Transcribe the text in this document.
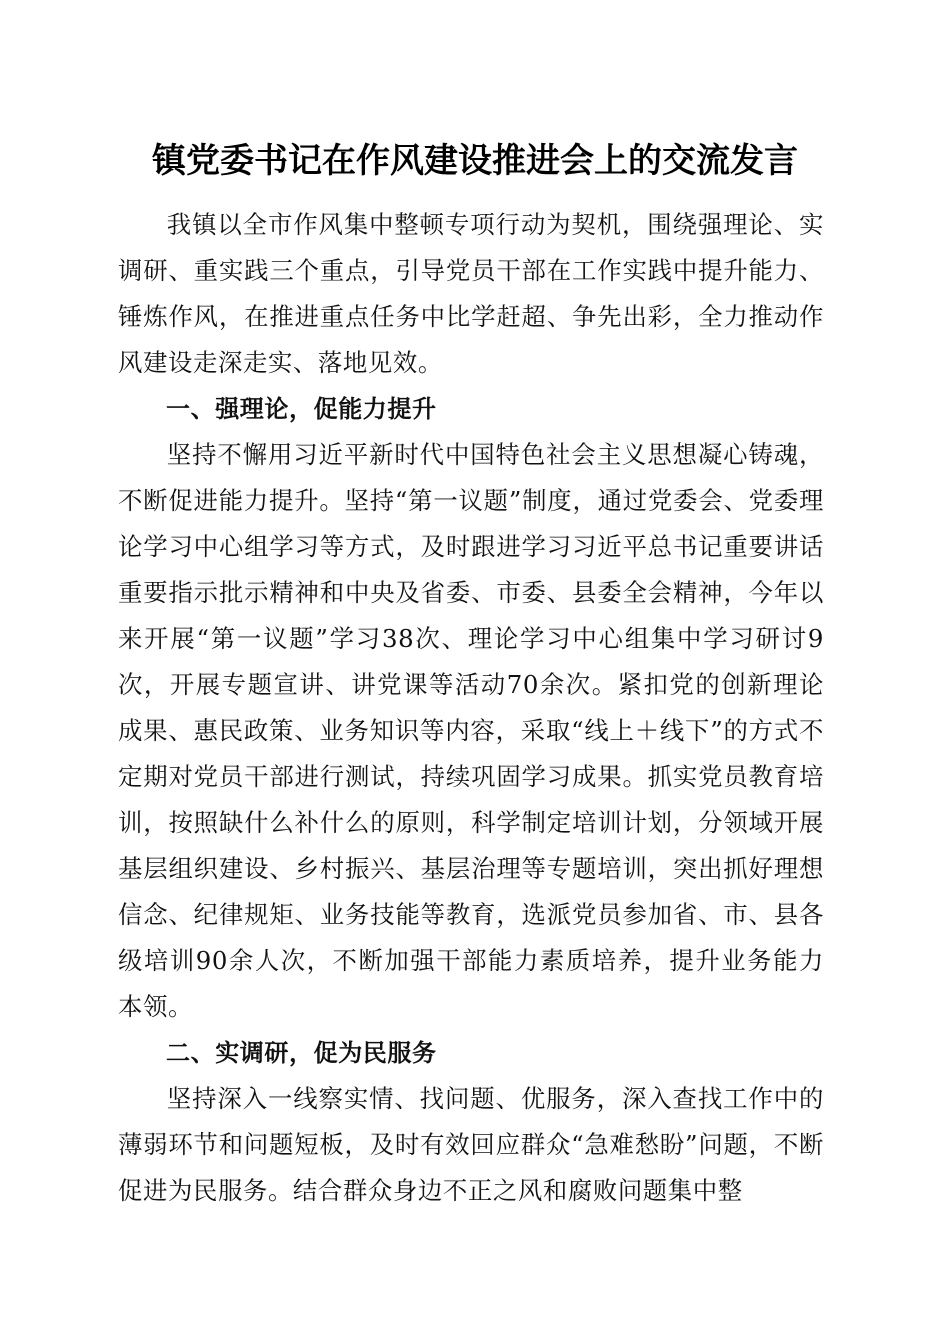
镇党委书记在作风建设推进会上的交流发言

我镇以全市作风集中整顿专项行动为契机，围绕强理论、实调研、重实践三个重点，引导党员干部在工作实践中提升能力、锤炼作风，在推进重点任务中比学赶超、争先出彩，全力推动作风建设走深走实、落地见效。

一、强理论，促能力提升

坚持不懈用习近平新时代中国特色社会主义思想凝心铸魂，不断促进能力提升。坚持“第一议题”制度，通过党委会、党委理论学习中心组学习等方式，及时跟进学习习近平总书记重要讲话重要指示批示精神和中央及省委、市委、县委全会精神，今年以来开展“第一议题”学习38次、理论学习中心组集中学习研讨9次，开展专题宣讲、讲党课等活动70余次。紧扣党的创新理论成果、惠民政策、业务知识等内容，采取“线上＋线下”的方式不定期对党员干部进行测试，持续巩固学习成果。抓实党员教育培训，按照缺什么补什么的原则，科学制定培训计划，分领域开展基层组织建设、乡村振兴、基层治理等专题培训，突出抓好理想信念、纪律规矩、业务技能等教育，选派党员参加省、市、县各级培训90余人次，不断加强干部能力素质培养，提升业务能力本领。

二、实调研，促为民服务

坚持深入一线察实情、找问题、优服务，深入查找工作中的薄弱环节和问题短板，及时有效回应群众“急难愁盼”问题，不断促进为民服务。结合群众身边不正之风和腐败问题集中整
